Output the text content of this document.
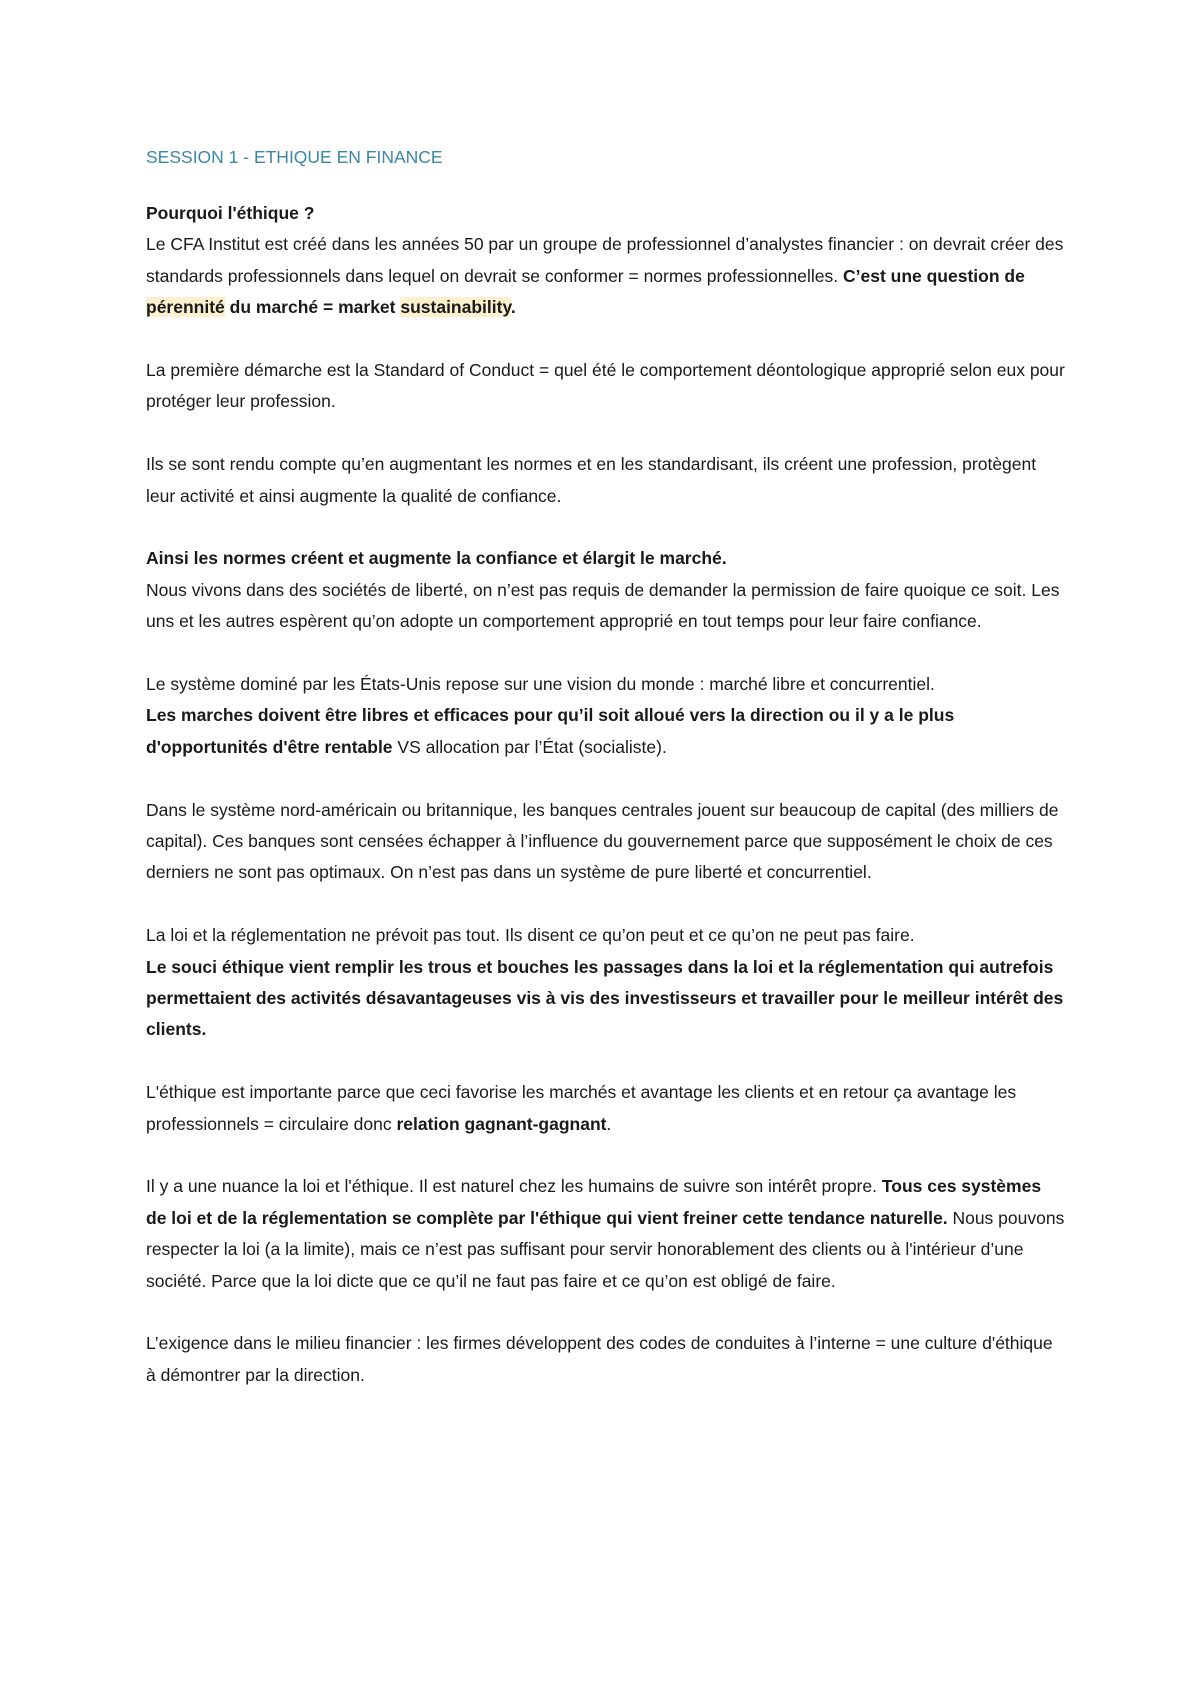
SESSION 1 - ETHIQUE EN FINANCE

Pourquoi l'éthique ?
Le CFA Institut est créé dans les années 50 par un groupe de professionnel d’analystes financier : on devrait créer des standards professionnels dans lequel on devrait se conformer = normes professionnelles. C’est une question de pérennité du marché = market sustainability.

La première démarche est la Standard of Conduct = quel été le comportement déontologique approprié selon eux pour protéger leur profession.

Ils se sont rendu compte qu’en augmentant les normes et en les standardisant, ils créent une profession, protègent leur activité et ainsi augmente la qualité de confiance.

Ainsi les normes créent et augmente la confiance et élargit le marché.
Nous vivons dans des sociétés de liberté, on n’est pas requis de demander la permission de faire quoique ce soit. Les uns et les autres espèrent qu’on adopte un comportement approprié en tout temps pour leur faire confiance.

Le système dominé par les États-Unis repose sur une vision du monde : marché libre et concurrentiel.
Les marches doivent être libres et efficaces pour qu’il soit alloué vers la direction ou il y a le plus d'opportunités d'être rentable VS allocation par l’État (socialiste).

Dans le système nord-américain ou britannique, les banques centrales jouent sur beaucoup de capital (des milliers de capital). Ces banques sont censées échapper à l’influence du gouvernement parce que supposément le choix de ces derniers ne sont pas optimaux. On n’est pas dans un système de pure liberté et concurrentiel.

La loi et la réglementation ne prévoit pas tout. Ils disent ce qu’on peut et ce qu’on ne peut pas faire.
Le souci éthique vient remplir les trous et bouches les passages dans la loi et la réglementation qui autrefois permettaient des activités désavantageuses vis à vis des investisseurs et travailler pour le meilleur intérêt des clients.

L'éthique est importante parce que ceci favorise les marchés et avantage les clients et en retour ça avantage les professionnels = circulaire donc relation gagnant-gagnant.

Il y a une nuance la loi et l'éthique. Il est naturel chez les humains de suivre son intérêt propre. Tous ces systèmes de loi et de la réglementation se complète par l'éthique qui vient freiner cette tendance naturelle. Nous pouvons respecter la loi (a la limite), mais ce n’est pas suffisant pour servir honorablement des clients ou à l'intérieur d’une société. Parce que la loi dicte que ce qu’il ne faut pas faire et ce qu’on est obligé de faire.

L’exigence dans le milieu financier : les firmes développent des codes de conduites à l’interne = une culture d'éthique à démontrer par la direction.
